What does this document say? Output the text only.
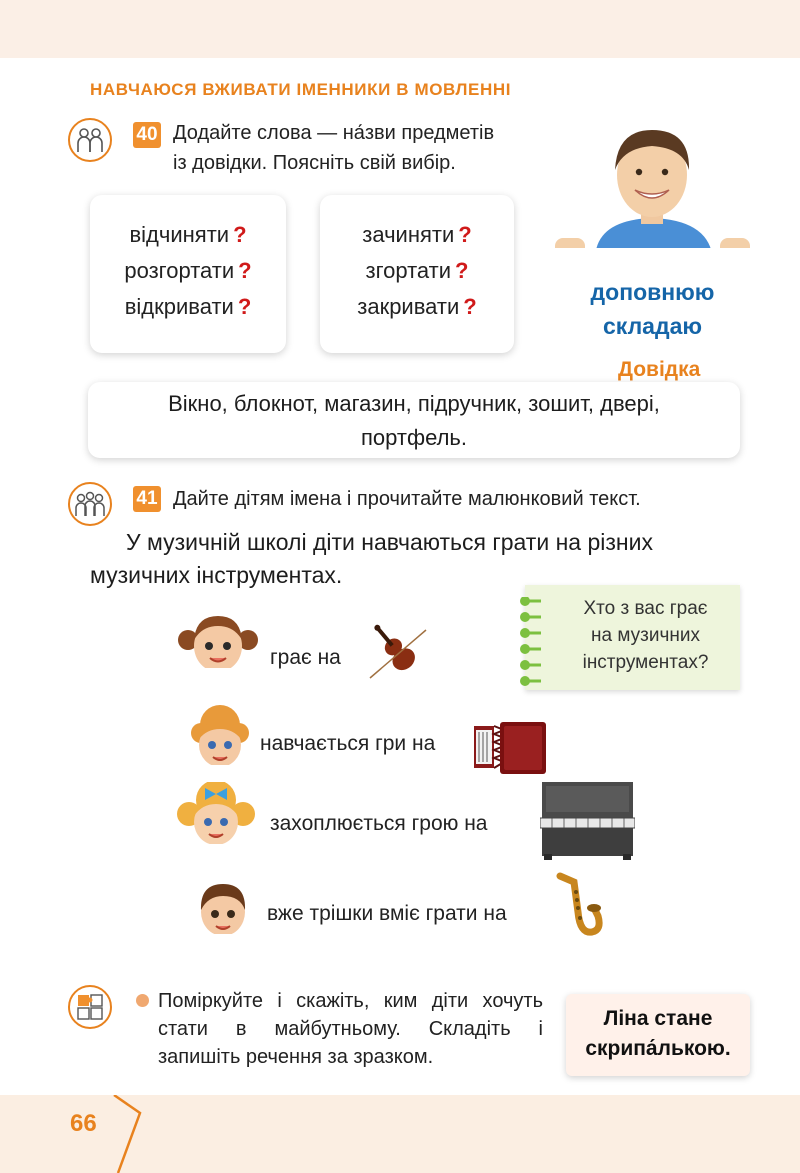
НАВЧАЮСЯ ВЖИВАТИ ІМЕННИКИ В МОВЛЕННІ
40 Додайте слова — на́зви предметів
із довідки. Поясніть свій вибір.
відчиняти ?
розгортати ?
відкривати ?
зачиняти ?
згортати ?
закривати ?
доповнюю
складаю
Довідка
Вікно, блокнот, магазин, підручник, зошит, двері,
портфель.
41 Дайте дітям імена і прочитайте малюнковий текст.
У музичній школі діти навчаються грати на різних
музичних інструментах.
грає на
Хто з вас грає
на музичних
інструментах?
навчається гри на
захоплюється грою на
вже трішки вміє грати на
Поміркуйте і скажіть, ким діти хочуть
стати в майбутньому. Складіть і
запишіть речення за зразком.
Ліна стане
скрипа́лькою.
66
